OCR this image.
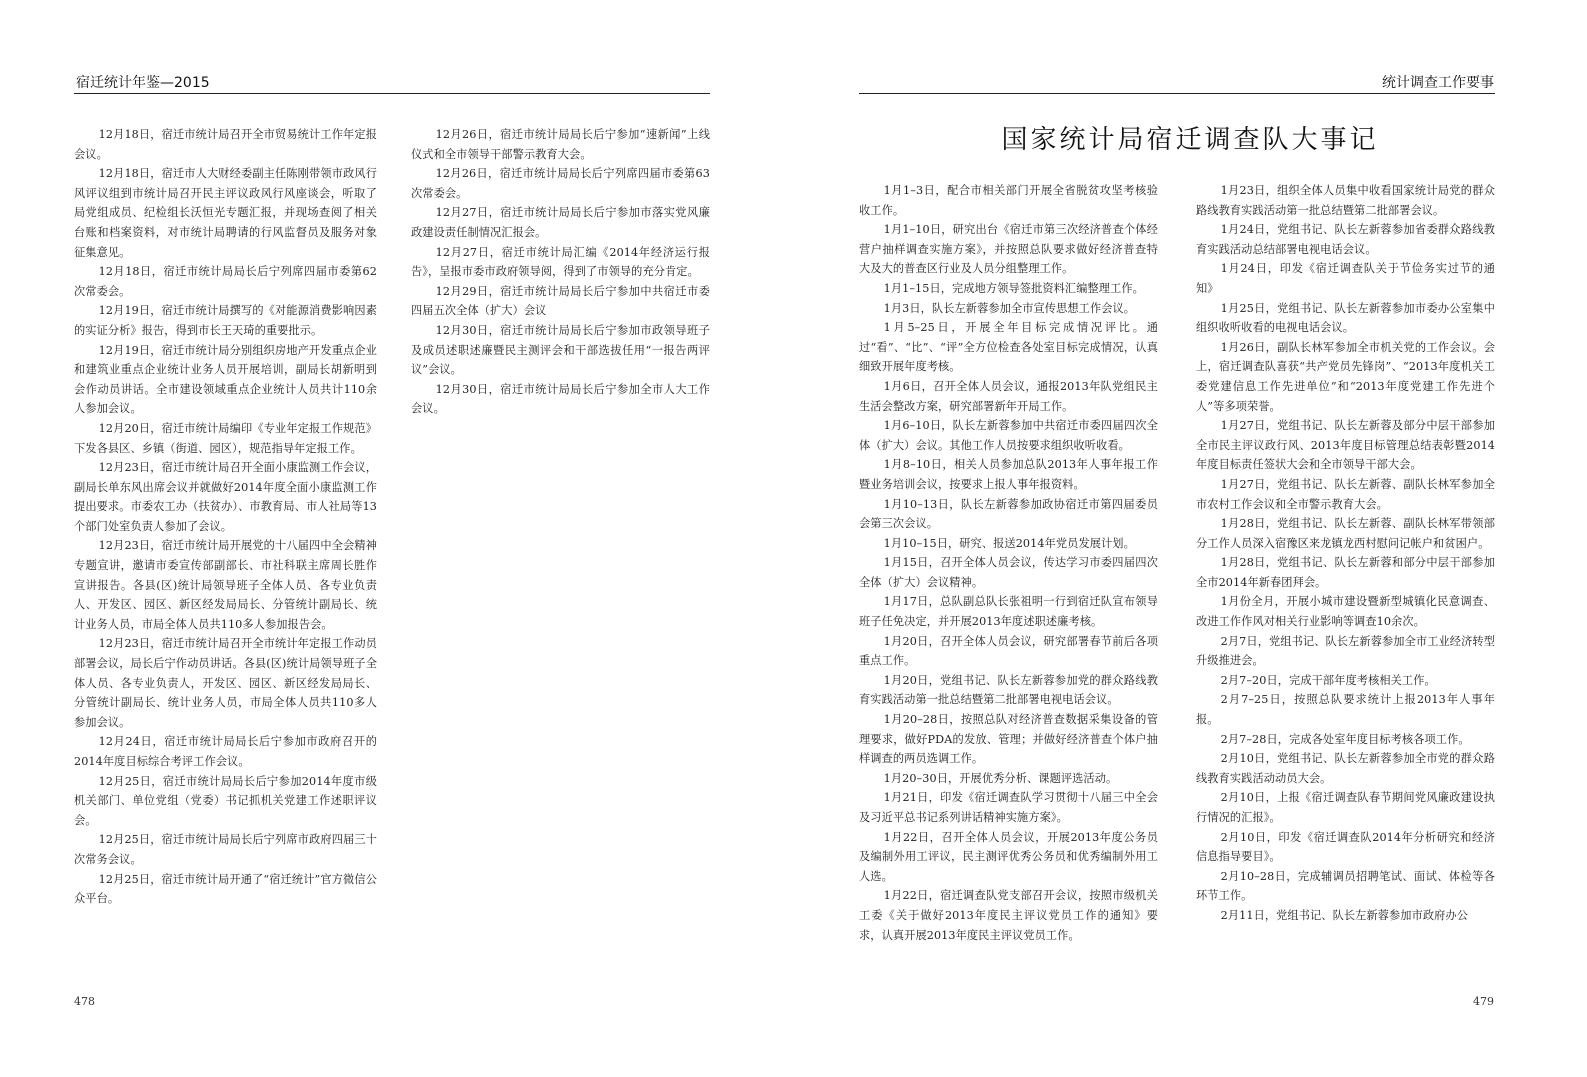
宿迁统计年鉴—2015

12月18日，宿迁市统计局召开全市贸易统计工作年定报会议。

12月18日，宿迁市人大财经委副主任陈刚带领市政风行风评议组到市统计局召开民主评议政风行风座谈会，听取了局党组成员、纪检组长沃恒光专题汇报，并现场查阅了相关台账和档案资料，对市统计局聘请的行风监督员及服务对象征集意见。

12月18日，宿迁市统计局局长后宁列席四届市委第62次常委会。

12月19日，宿迁市统计局撰写的《对能源消费影响因素的实证分析》报告，得到市长王天琦的重要批示。

12月19日，宿迁市统计局分别组织房地产开发重点企业和建筑业重点企业统计业务人员开展培训，副局长胡新明到会作动员讲话。全市建设领域重点企业统计人员共计110余人参加会议。

12月20日，宿迁市统计局编印《专业年定报工作规范》下发各县区、乡镇（街道、园区），规范指导年定报工作。

12月23日，宿迁市统计局召开全面小康监测工作会议，副局长单东风出席会议并就做好2014年度全面小康监测工作提出要求。市委农工办（扶贫办）、市教育局、市人社局等13个部门处室负责人参加了会议。

12月23日，宿迁市统计局开展党的十八届四中全会精神专题宣讲，邀请市委宣传部副部长、市社科联主席周长胜作宣讲报告。各县(区)统计局领导班子全体人员、各专业负责人、开发区、园区、新区经发局局长、分管统计副局长、统计业务人员，市局全体人员共110多人参加报告会。

12月23日，宿迁市统计局召开全市统计年定报工作动员部署会议，局长后宁作动员讲话。各县(区)统计局领导班子全体人员、各专业负责人，开发区、园区、新区经发局局长、分管统计副局长、统计业务人员，市局全体人员共110多人参加会议。

12月24日，宿迁市统计局局长后宁参加市政府召开的2014年度目标综合考评工作会议。

12月25日，宿迁市统计局局长后宁参加2014年度市级机关部门、单位党组（党委）书记抓机关党建工作述职评议会。

12月25日，宿迁市统计局局长后宁列席市政府四届三十次常务会议。

12月25日，宿迁市统计局开通了“宿迁统计”官方微信公众平台。

12月26日，宿迁市统计局局长后宁参加“速新闻”上线仪式和全市领导干部警示教育大会。

12月26日，宿迁市统计局局长后宁列席四届市委第63次常委会。

12月27日，宿迁市统计局局长后宁参加市落实党风廉政建设责任制情况汇报会。

12月27日，宿迁市统计局汇编《2014年经济运行报告》，呈报市委市政府领导阅，得到了市领导的充分肯定。

12月29日，宿迁市统计局局长后宁参加中共宿迁市委四届五次全体（扩大）会议

12月30日，宿迁市统计局局长后宁参加市政领导班子及成员述职述廉暨民主测评会和干部选拔任用“一报告两评议”会议。

12月30日，宿迁市统计局局长后宁参加全市人大工作会议。

478
统计调查工作要事
国家统计局宿迁调查队大事记

1月1–3日，配合市相关部门开展全省脱贫攻坚考核验收工作。

1月1–10日，研究出台《宿迁市第三次经济普查个体经营户抽样调查实施方案》，并按照总队要求做好经济普查特大及大的普查区行业及人员分组整理工作。

1月1–15日，完成地方领导签批资料汇编整理工作。

1月3日，队长左新蓉参加全市宣传思想工作会议。

1月5–25日，开展全年目标完成情况评比。通过“看”、“比”、“评”全方位检查各处室目标完成情况，认真细致开展年度考核。

1月6日，召开全体人员会议，通报2013年队党组民主生活会整改方案，研究部署新年开局工作。

1月6–10日，队长左新蓉参加中共宿迁市委四届四次全体（扩大）会议。其他工作人员按要求组织收听收看。

1月8–10日，相关人员参加总队2013年人事年报工作暨业务培训会议，按要求上报人事年报资料。

1月10–13日，队长左新蓉参加政协宿迁市第四届委员会第三次会议。

1月10–15日，研究、报送2014年党员发展计划。

1月15日，召开全体人员会议，传达学习市委四届四次全体（扩大）会议精神。

1月17日，总队副总队长张祖明一行到宿迁队宣布领导班子任免决定，并开展2013年度述职述廉考核。

1月20日，召开全体人员会议，研究部署春节前后各项重点工作。

1月20日，党组书记、队长左新蓉参加党的群众路线教育实践活动第一批总结暨第二批部署电视电话会议。

1月20–28日，按照总队对经济普查数据采集设备的管理要求，做好PDA的发放、管理；并做好经济普查个体户抽样调查的两员选调工作。

1月20–30日，开展优秀分析、课题评选活动。

1月21日，印发《宿迁调查队学习贯彻十八届三中全会及习近平总书记系列讲话精神实施方案》。

1月22日，召开全体人员会议，开展2013年度公务员及编制外用工评议，民主测评优秀公务员和优秀编制外用工人选。

1月22日，宿迁调查队党支部召开会议，按照市级机关工委《关于做好2013年度民主评议党员工作的通知》要求，认真开展2013年度民主评议党员工作。

1月23日，组织全体人员集中收看国家统计局党的群众路线教育实践活动第一批总结暨第二批部署会议。

1月24日，党组书记、队长左新蓉参加省委群众路线教育实践活动总结部署电视电话会议。

1月24日，印发《宿迁调查队关于节俭务实过节的通知》

1月25日，党组书记、队长左新蓉参加市委办公室集中组织收听收看的电视电话会议。

1月26日，副队长林军参加全市机关党的工作会议。会上，宿迁调查队喜获“共产党员先锋岗”、“2013年度机关工委党建信息工作先进单位”和“2013年度党建工作先进个人”等多项荣誉。

1月27日，党组书记、队长左新蓉及部分中层干部参加全市民主评议政行风、2013年度目标管理总结表彰暨2014年度目标责任签状大会和全市领导干部大会。

1月27日，党组书记、队长左新蓉、副队长林军参加全市农村工作会议和全市警示教育大会。

1月28日，党组书记、队长左新蓉、副队长林军带领部分工作人员深入宿豫区来龙镇龙西村慰问记帐户和贫困户。

1月28日，党组书记、队长左新蓉和部分中层干部参加全市2014年新春团拜会。

1月份全月，开展小城市建设暨新型城镇化民意调查、改进工作作风对相关行业影响等调查10余次。

2月7日，党组书记、队长左新蓉参加全市工业经济转型升级推进会。

2月7–20日，完成干部年度考核相关工作。

2月7–25日，按照总队要求统计上报2013年人事年报。

2月7–28日，完成各处室年度目标考核各项工作。

2月10日，党组书记、队长左新蓉参加全市党的群众路线教育实践活动动员大会。

2月10日，上报《宿迁调查队春节期间党风廉政建设执行情况的汇报》。

2月10日，印发《宿迁调查队2014年分析研究和经济信息指导要目》。

2月10–28日，完成辅调员招聘笔试、面试、体检等各环节工作。

2月11日，党组书记、队长左新蓉参加市政府办公

479
